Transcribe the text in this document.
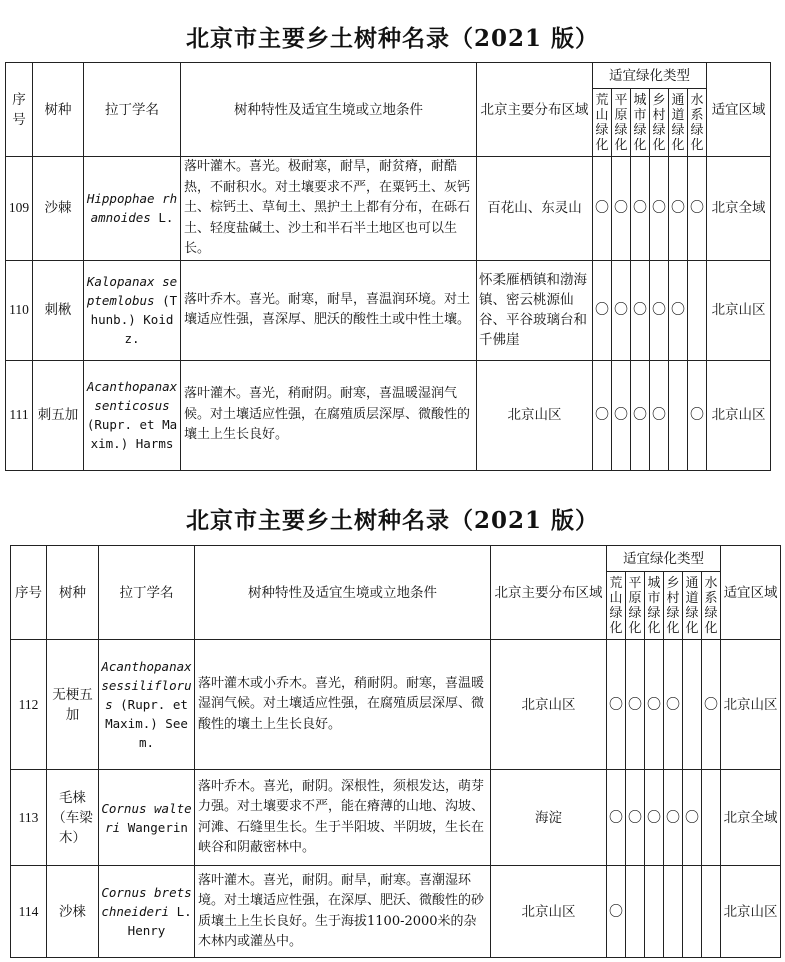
北京市主要乡土树种名录（2021 版）
序号	树种	拉丁学名	树种特性及适宜生境或立地条件	北京主要分布区域	适宜绿化类型						适宜区域

					荒山绿化	平原绿化	城市绿化	乡村绿化	通道绿化	水系绿化	

109	沙棘	Hippophae rhamnoides L.	落叶灌木。喜光。极耐寒，耐旱，耐贫瘠，耐酷热，不耐积水。对土壤要求不严，在粟钙土、灰钙土、棕钙土、草甸土、黑护土上都有分布，在砾石土、轻度盐碱土、沙土和半石半土地区也可以生长。	百花山、东灵山	〇	〇	〇	〇	〇	〇	北京全域
110	刺楸	Kalopanax septemlobus (Thunb.) Koidz.	落叶乔木。喜光。耐寒，耐旱，喜温润环境。对土壤适应性强，喜深厚、肥沃的酸性土或中性土壤。	怀柔雁栖镇和渤海镇、密云桃源仙谷、平谷玻璃台和千佛崖	〇	〇	〇	〇	〇		北京山区
111	刺五加	Acanthopanax senticosus (Rupr. et Maxim.) Harms	落叶灌木。喜光，稍耐阴。耐寒，喜温暖湿润气候。对土壤适应性强，在腐殖质层深厚、微酸性的壤土上生长良好。	北京山区	〇	〇	〇	〇		〇	北京山区
北京市主要乡土树种名录（2021 版）
序号	树种	拉丁学名	树种特性及适宜生境或立地条件	北京主要分布区域	适宜绿化类型						适宜区域

					荒山绿化	平原绿化	城市绿化	乡村绿化	通道绿化	水系绿化	

112	无梗五加	Acanthopanax sessiliflorus (Rupr. et Maxim.) Seem.	落叶灌木或小乔木。喜光，稍耐阴。耐寒，喜温暖湿润气候。对土壤适应性强，在腐殖质层深厚、微酸性的壤土上生长良好。	北京山区	〇	〇	〇	〇		〇	北京山区
113	毛梾（车梁木）	Cornus walteri Wangerin	落叶乔木。喜光，耐阴。深根性，须根发达，萌芽力强。对土壤要求不严，能在瘠薄的山地、沟坡、河滩、石缝里生长。生于半阳坡、半阴坡，生长在峡谷和阴蔽密林中。	海淀	〇	〇	〇	〇	〇		北京全域
114	沙梾	Cornus bretschneideri L. Henry	落叶灌木。喜光，耐阴。耐旱，耐寒。喜潮湿环境。对土壤适应性强，在深厚、肥沃、微酸性的砂质壤土上生长良好。生于海拔1100-2000米的杂木林内或灌丛中。	北京山区	〇						北京山区
